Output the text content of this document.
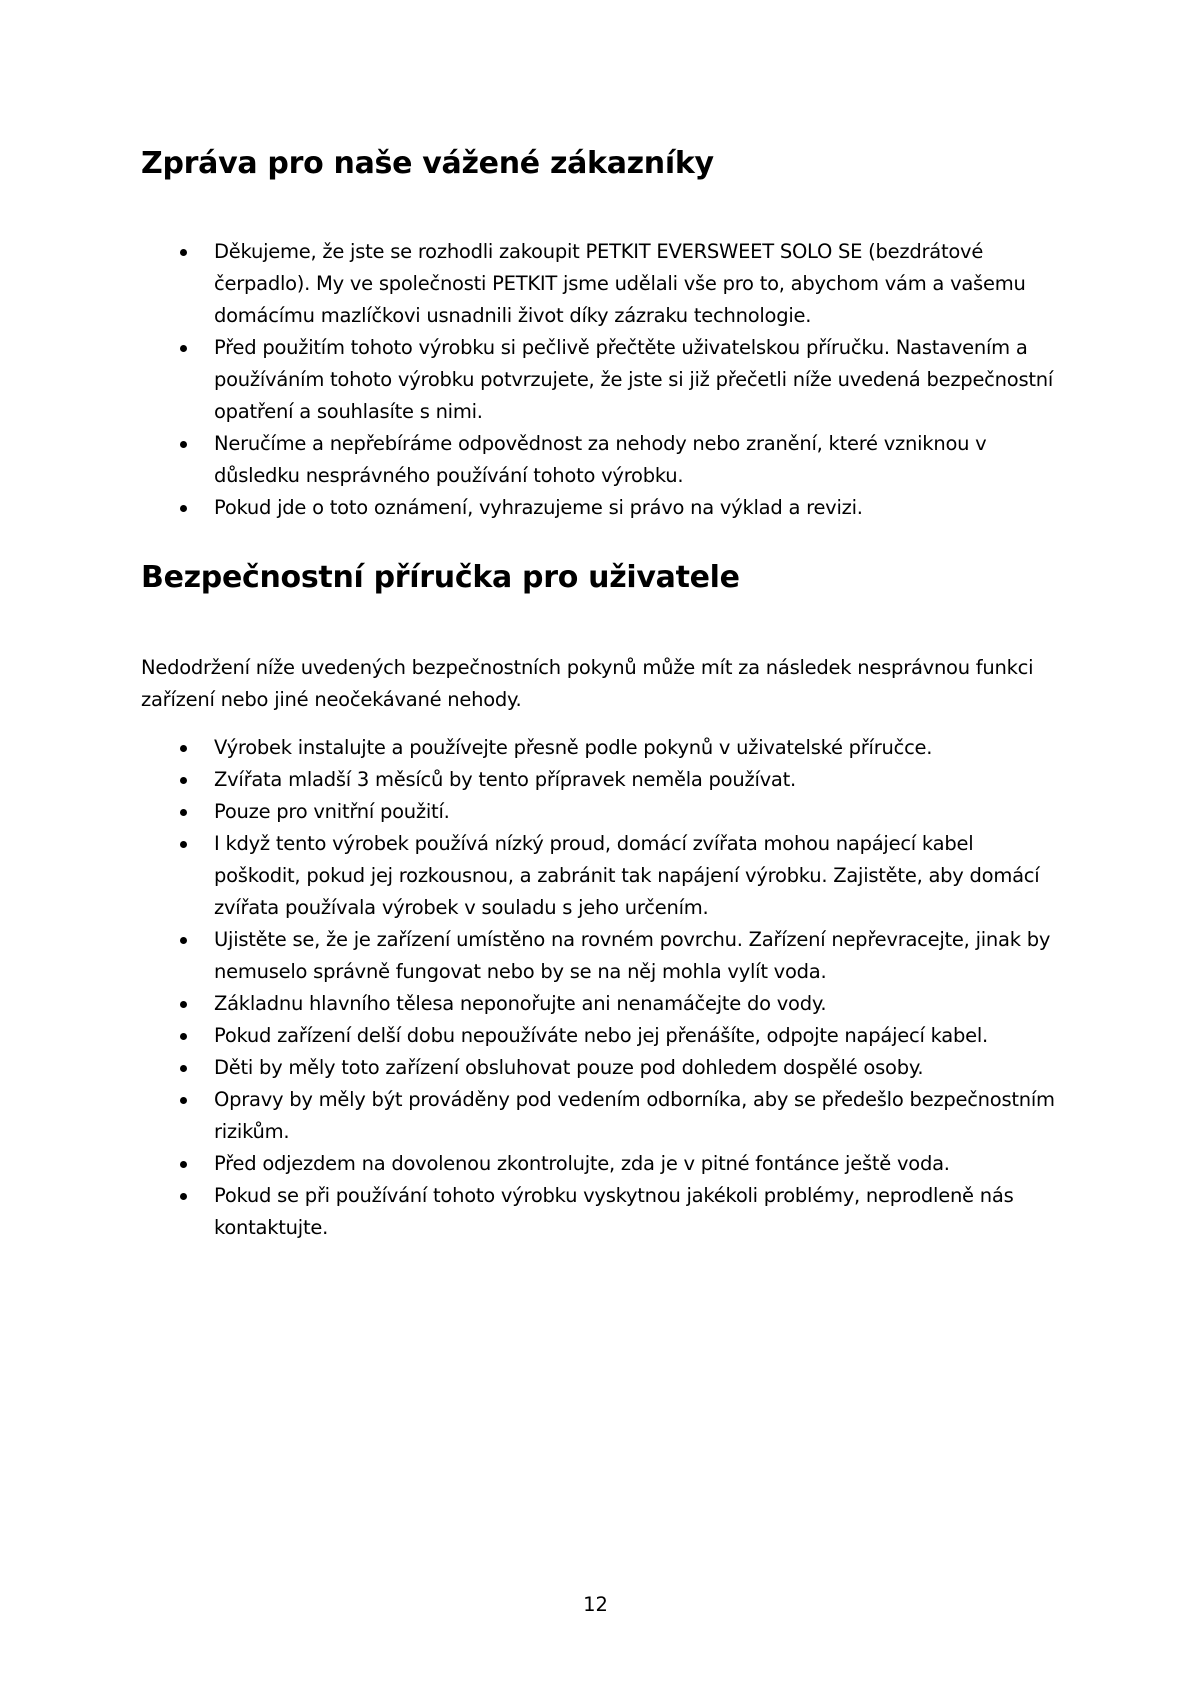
Zpráva pro naše vážené zákazníky
Děkujeme, že jste se rozhodli zakoupit PETKIT EVERSWEET SOLO SE (bezdrátové čerpadlo). My ve společnosti PETKIT jsme udělali vše pro to, abychom vám a vašemu domácímu mazlíčkovi usnadnili život díky zázraku technologie.
Před použitím tohoto výrobku si pečlivě přečtěte uživatelskou příručku. Nastavením a používáním tohoto výrobku potvrzujete, že jste si již přečetli níže uvedená bezpečnostní opatření a souhlasíte s nimi.
Neručíme a nepřebíráme odpovědnost za nehody nebo zranění, které vzniknou v důsledku nesprávného používání tohoto výrobku.
Pokud jde o toto oznámení, vyhrazujeme si právo na výklad a revizi.
Bezpečnostní příručka pro uživatele

Nedodržení níže uvedených bezpečnostních pokynů může mít za následek nesprávnou funkci zařízení nebo jiné neočekávané nehody.

Výrobek instalujte a používejte přesně podle pokynů v uživatelské příručce.
Zvířata mladší 3 měsíců by tento přípravek neměla používat.
Pouze pro vnitřní použití.
I když tento výrobek používá nízký proud, domácí zvířata mohou napájecí kabel poškodit, pokud jej rozkousnou, a zabránit tak napájení výrobku. Zajistěte, aby domácí zvířata používala výrobek v souladu s jeho určením.
Ujistěte se, že je zařízení umístěno na rovném povrchu. Zařízení nepřevracejte, jinak by nemuselo správně fungovat nebo by se na něj mohla vylít voda.
Základnu hlavního tělesa neponořujte ani nenamáčejte do vody.
Pokud zařízení delší dobu nepoužíváte nebo jej přenášíte, odpojte napájecí kabel.
Děti by měly toto zařízení obsluhovat pouze pod dohledem dospělé osoby.
Opravy by měly být prováděny pod vedením odborníka, aby se předešlo bezpečnostním rizikům.
Před odjezdem na dovolenou zkontrolujte, zda je v pitné fontánce ještě voda.
Pokud se při používání tohoto výrobku vyskytnou jakékoli problémy, neprodleně nás kontaktujte.
12
